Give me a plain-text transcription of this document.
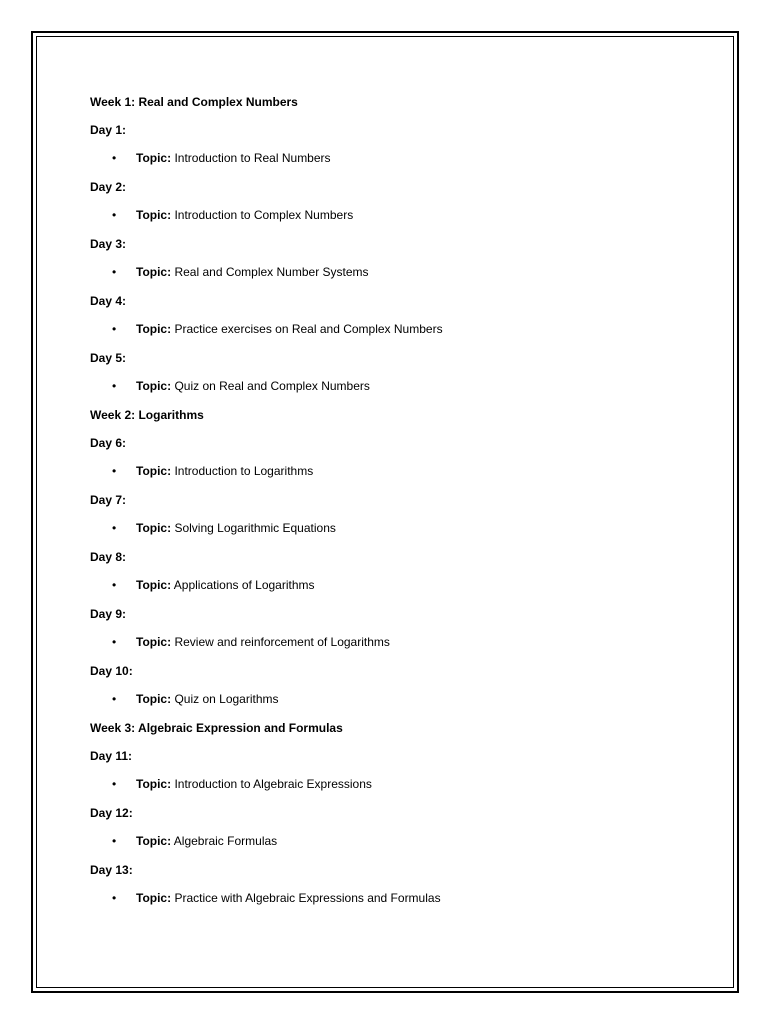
Week 1: Real and Complex Numbers
Day 1:
• Topic: Introduction to Real Numbers
Day 2:
• Topic: Introduction to Complex Numbers
Day 3:
• Topic: Real and Complex Number Systems
Day 4:
• Topic: Practice exercises on Real and Complex Numbers
Day 5:
• Topic: Quiz on Real and Complex Numbers
Week 2: Logarithms
Day 6:
• Topic: Introduction to Logarithms
Day 7:
• Topic: Solving Logarithmic Equations
Day 8:
• Topic: Applications of Logarithms
Day 9:
• Topic: Review and reinforcement of Logarithms
Day 10:
• Topic: Quiz on Logarithms
Week 3: Algebraic Expression and Formulas
Day 11:
• Topic: Introduction to Algebraic Expressions
Day 12:
• Topic: Algebraic Formulas
Day 13:
• Topic: Practice with Algebraic Expressions and Formulas
